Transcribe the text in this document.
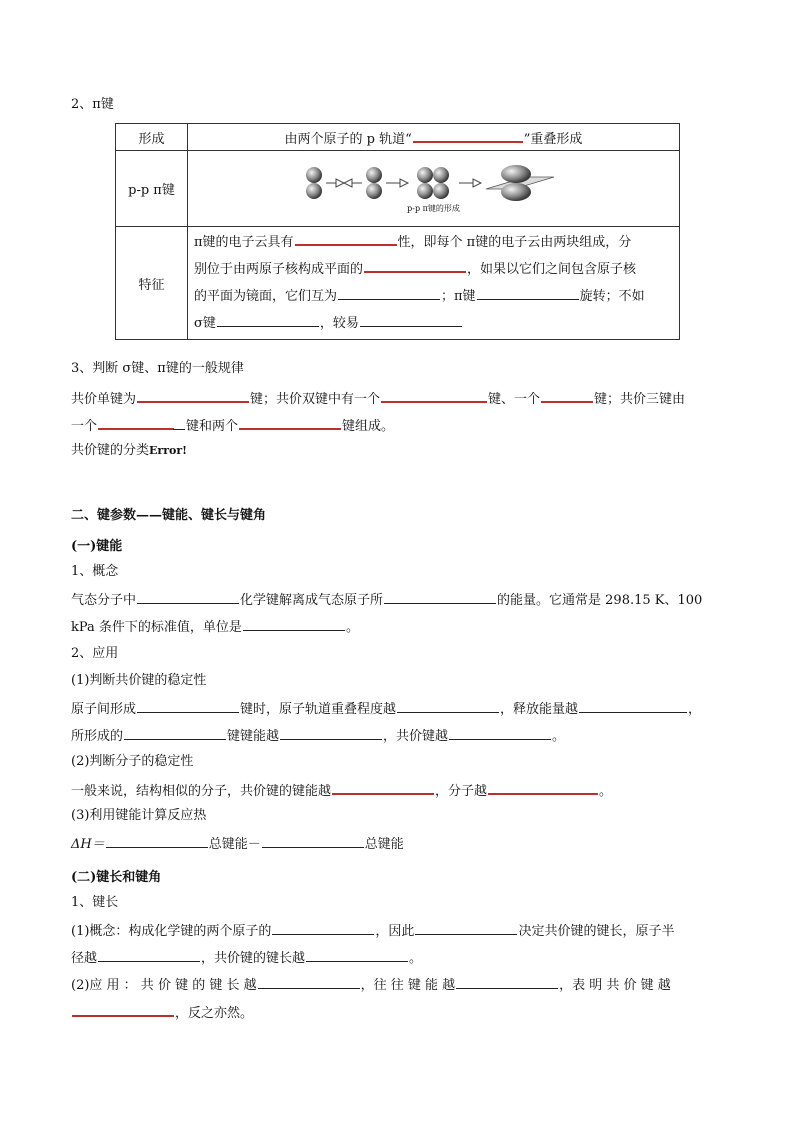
2、π键
形成	由两个原子的 p 轨道“ ”重叠形成
p-p π键	p-p π键的形成

特征	π键的电子云具有 性，即每个 π键的电子云由两块组成，分
别位于由两原子核构成平面的 ，如果以它们之间包含原子核
的平面为镜面，它们互为 ；π键 旋转；不如
σ键 ，较易
3、判断 σ键、π键的一般规律
共价单键为	键；共价双键中有一个	键、一个	键；共价三键由
一个	键和两个	键组成。
共价键的分类Error!
二、键参数——键能、键长与键角
(一)键能
1、概念
气态分子中	化学键解离成气态原子所	的能量。它通常是 298.15 K、100
kPa 条件下的标准值，单位是	。
2、应用
(1)判断共价键的稳定性
原子间形成	键时，原子轨道重叠程度越	，释放能量越	，
所形成的	键键能越	，共价键越	。
(2)判断分子的稳定性
一般来说，结构相似的分子，共价键的键能越	，分子越	。
(3)利用键能计算反应热
ΔH＝	总键能－	总键能
(二)键长和键角
1、键长
(1)概念：构成化学键的两个原子的	，因此	决定共价键的键长，原子半
径越	，共价键的键长越	。
(2)应 用 ： 共 价 键 的 键 长 越	，往 往 键 能 越	，表 明 共 价 键 越
，反之亦然。
